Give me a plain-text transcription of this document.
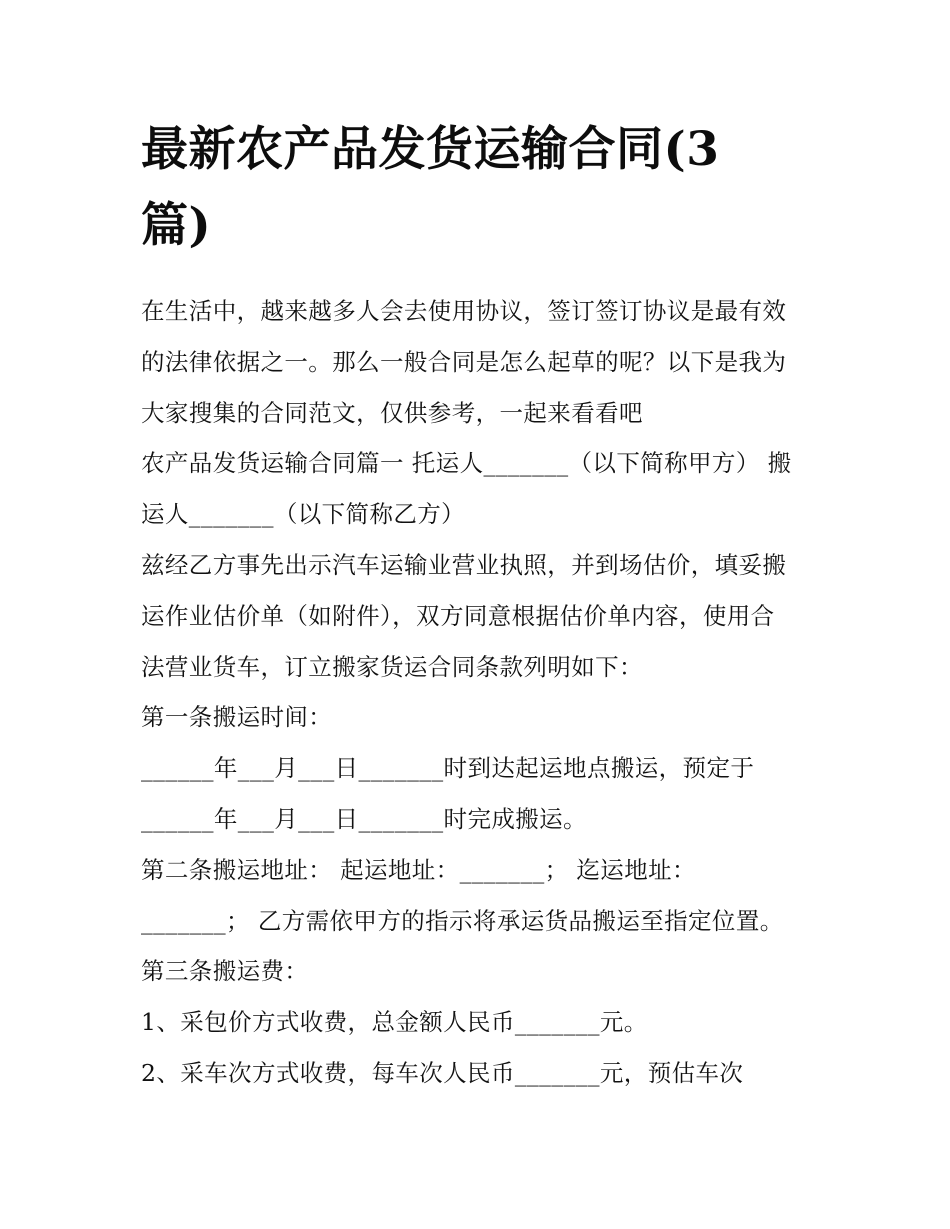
最新农产品发货运输合同(3
篇)

在生活中，越来越多人会去使用协议，签订签订协议是最有效
的法律依据之一。那么一般合同是怎么起草的呢？以下是我为
大家搜集的合同范文，仅供参考，一起来看看吧

农产品发货运输合同篇一 托运人_______（以下简称甲方） 搬
运人_______（以下简称乙方）

兹经乙方事先出示汽车运输业营业执照，并到场估价，填妥搬
运作业估价单（如附件），双方同意根据估价单内容，使用合
法营业货车，订立搬家货运合同条款列明如下：

第一条搬运时间：

______年___月___日_______时到达起运地点搬运，预定于
______年___月___日_______时完成搬运。

第二条搬运地址： 起运地址：_______； 迄运地址：
_______； 乙方需依甲方的指示将承运货品搬运至指定位置。

第三条搬运费：

1、采包价方式收费，总金额人民币_______元。

2、采车次方式收费，每车次人民币_______元，预估车次
